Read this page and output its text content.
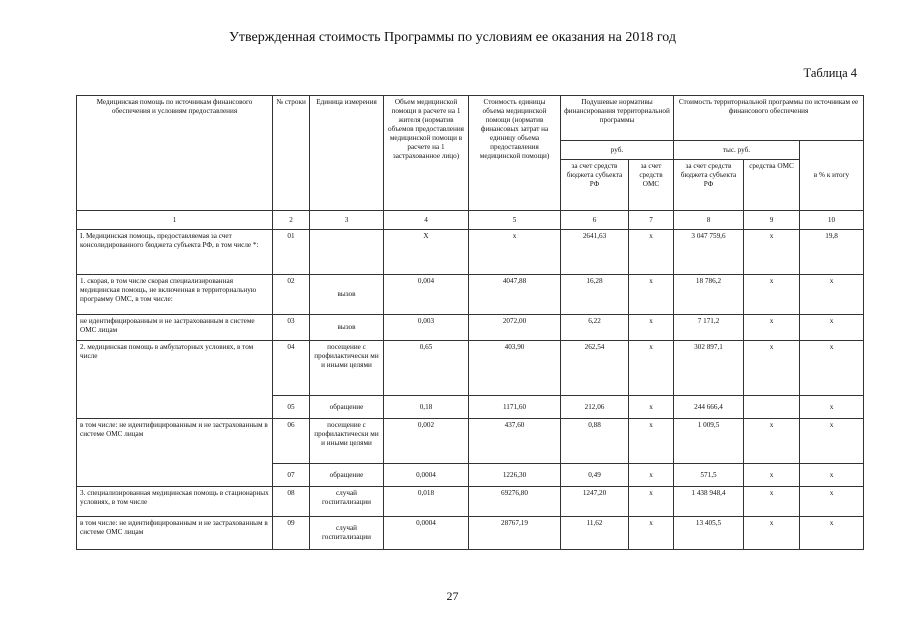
Утвержденная стоимость Программы по условиям ее оказания на 2018 год
Таблица 4
Медицинская помощь по источникам финансового обеспечения и условиям предоставления	№ строки	Единица измерения	Объем медицинской помощи в расчете на 1 жителя (норматив объемов предоставления медицинской помощи в расчете на 1 застрахованное лицо)	Стоимость единицы объема медицинской помощи (норматив финансовых затрат на единицу объема предоставления медицинской помощи)	Подушевые нормативы финансирования территориальной программы		Стоимость территориальной программы по источникам ее финансового обеспечения		
					руб.		тыс. руб.		в % к итогу
					за счет средств бюджета субъекта РФ	за счет средств ОМС	за счет средств бюджета субъекта РФ	средства ОМС	
1	2	3	4	5	6	7	8	9	10
I. Медицинская помощь, предоставляемая за счет консолидированного бюджета субъекта РФ, в том числе *:	01		Х	х	2641,63	х	3 047 759,6	х	19,8
1. скорая, в том числе скорая специализированная медицинская помощь, не включенная в территориальную программу ОМС, в том числе:	02	вызов	0,004	4047,88	16,28	х	18 786,2	х	х
не идентифицированным и не застрахованным в системе ОМС лицам	03	вызов	0,003	2072,00	6,22	х	7 171,2	х	х
2. медицинская помощь в амбулаторных условиях, в том числе	04	посещение с профилактически ми и иными целями	0,65	403,90	262,54	х	302 897,1	х	х
	05	обращение	0,18	1171,60	212,06	х	244 666,4		х
в том числе: не идентифицированным и не застрахованным в системе ОМС лицам	06	посещение с профилактически ми и иными целями	0,002	437,60	0,88	х	1 009,5	х	х
	07	обращение	0,0004	1226,30	0,49	х	571,5	х	х
3. специализированная медицинская помощь в стационарных условиях, в том числе	08	случай госпитализации	0,018	69276,80	1247,20	х	1 438 948,4	х	х
в том числе: не идентифицированным и не застрахованным в системе ОМС лицам	09	случай госпитализации	0,0004	28767,19	11,62	х	13 405,5	х	х
27
